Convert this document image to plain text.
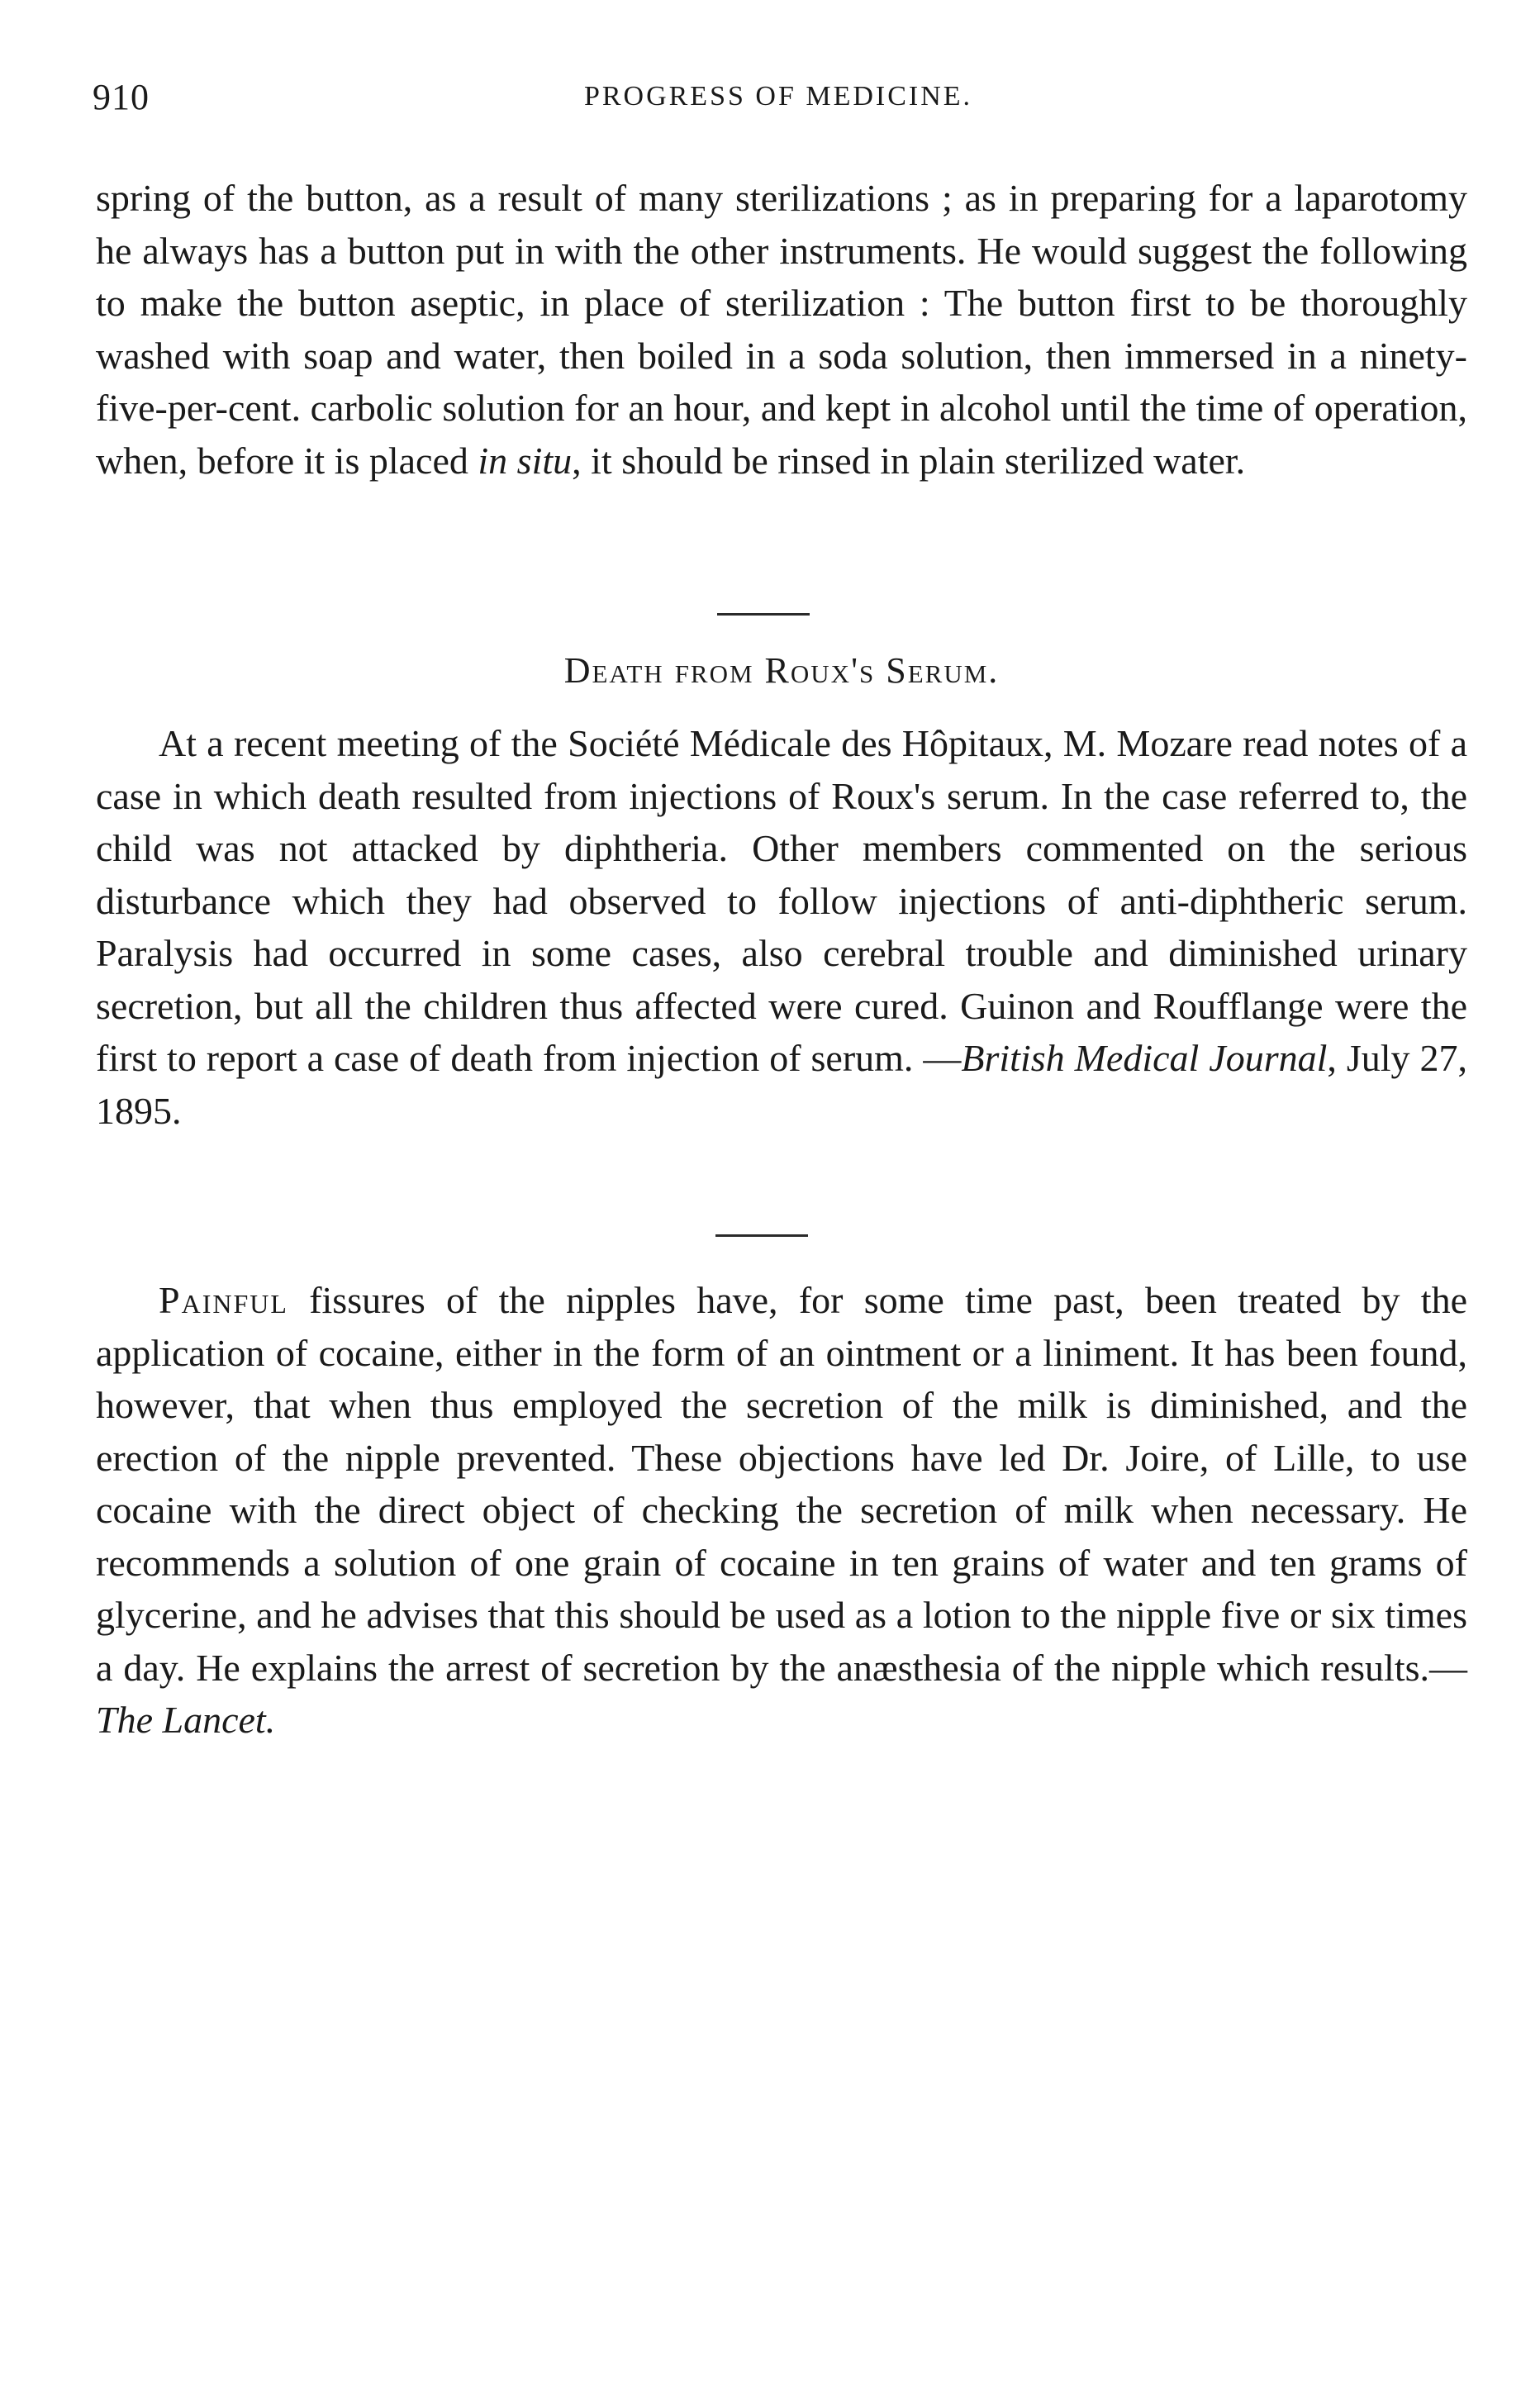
910	PROGRESS OF MEDICINE.

spring of the button, as a result of many sterilizations ; as in preparing for a laparotomy he always has a button put in with the other instruments. He would suggest the following to make the button aseptic, in place of sterilization : The button first to be thoroughly washed with soap and water, then boiled in a soda solution, then immersed in a ninety-five-per-cent. carbolic solution for an hour, and kept in alcohol until the time of operation, when, before it is placed in situ, it should be rinsed in plain sterilized water.

Death from Roux's Serum.

At a recent meeting of the Société Médicale des Hôpitaux, M. Mozare read notes of a case in which death resulted from injections of Roux's serum. In the case referred to, the child was not attacked by diphtheria. Other members commented on the serious disturbance which they had observed to follow injections of anti-diphtheric serum. Paralysis had occurred in some cases, also cerebral trouble and diminished urinary secretion, but all the children thus affected were cured. Guinon and Roufflange were the first to report a case of death from injection of serum. —British Medical Journal, July 27, 1895.

Painful fissures of the nipples have, for some time past, been treated by the application of cocaine, either in the form of an ointment or a liniment. It has been found, however, that when thus employed the secretion of the milk is diminished, and the erection of the nipple prevented. These objections have led Dr. Joire, of Lille, to use cocaine with the direct object of checking the secretion of milk when necessary. He recommends a solution of one grain of cocaine in ten grains of water and ten grams of glycerine, and he advises that this should be used as a lotion to the nipple five or six times a day. He explains the arrest of secretion by the anæsthesia of the nipple which results.—The Lancet.
